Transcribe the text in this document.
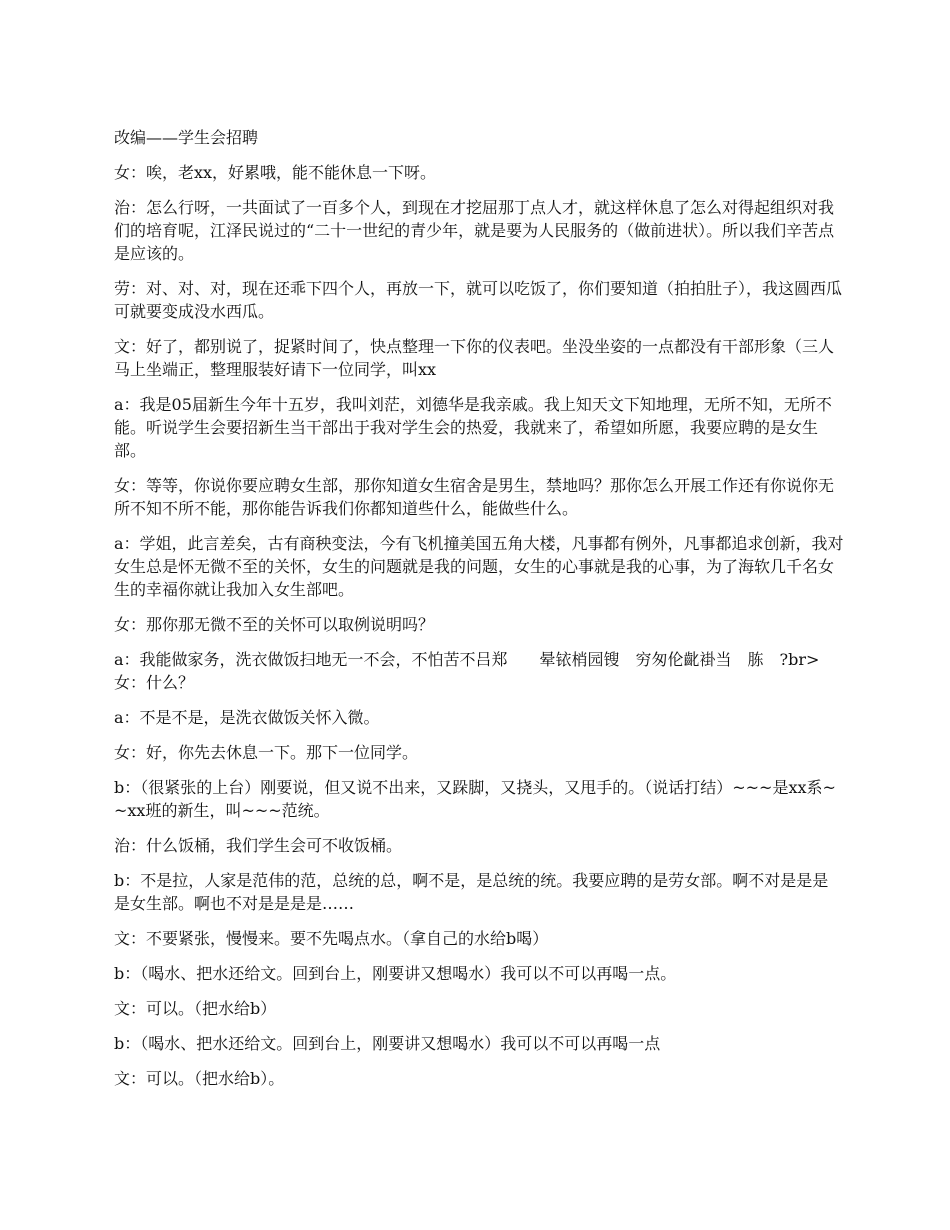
改编——学生会招聘

女：唉，老xx，好累哦，能不能休息一下呀。

治：怎么行呀，一共面试了一百多个人，到现在才挖屈那丁点人才，就这样休息了怎么对得起组织对我们的培育呢，江泽民说过的“二十一世纪的青少年，就是要为人民服务的（做前进状）。所以我们辛苦点是应该的。

劳：对、对、对，现在还乖下四个人，再放一下，就可以吃饭了，你们要知道（拍拍肚子），我这圆西瓜可就要变成没水西瓜。

文：好了，都别说了，捉紧时间了，快点整理一下你的仪表吧。坐没坐姿的一点都没有干部形象（三人马上坐端正，整理服装好请下一位同学，叫xx

a：我是05届新生今年十五岁，我叫刘茫，刘德华是我亲戚。我上知天文下知地理，无所不知，无所不能。听说学生会要招新生当干部出于我对学生会的热爱，我就来了，希望如所愿，我要应聘的是女生部。

女：等等，你说你要应聘女生部，那你知道女生宿舍是男生，禁地吗？那你怎么开展工作还有你说你无所不知不所不能，那你能告诉我们你都知道些什么，能做些什么。

a：学姐，此言差矣，古有商秧变法，今有飞机撞美国五角大楼，凡事都有例外，凡事都追求创新，我对女生总是怀无微不至的关怀，女生的问题就是我的问题，女生的心事就是我的心事，为了海软几千名女生的幸福你就让我加入女生部吧。

女：那你那无微不至的关怀可以取例说明吗？

a：我能做家务，洗衣做饭扫地无一不会，不怕苦不吕郑　　晕铱梢园锼　穷匆伦齔褂当　胨　?br> 女：什么？

a：不是不是，是洗衣做饭关怀入微。

女：好，你先去休息一下。那下一位同学。

b：（很紧张的上台）刚要说，但又说不出来，又跺脚，又挠头，又甩手的。（说话打结）~~~是xx系~~xx班的新生，叫~~~范统。

治：什么饭桶，我们学生会可不收饭桶。

b：不是拉，人家是范伟的范，总统的总，啊不是，是总统的统。我要应聘的是劳女部。啊不对是是是是女生部。啊也不对是是是是……

文：不要紧张，慢慢来。要不先喝点水。（拿自己的水给b喝）

b：（喝水、把水还给文。回到台上，刚要讲又想喝水）我可以不可以再喝一点。

文：可以。（把水给b）

b：（喝水、把水还给文。回到台上，刚要讲又想喝水）我可以不可以再喝一点

文：可以。（把水给b）。
